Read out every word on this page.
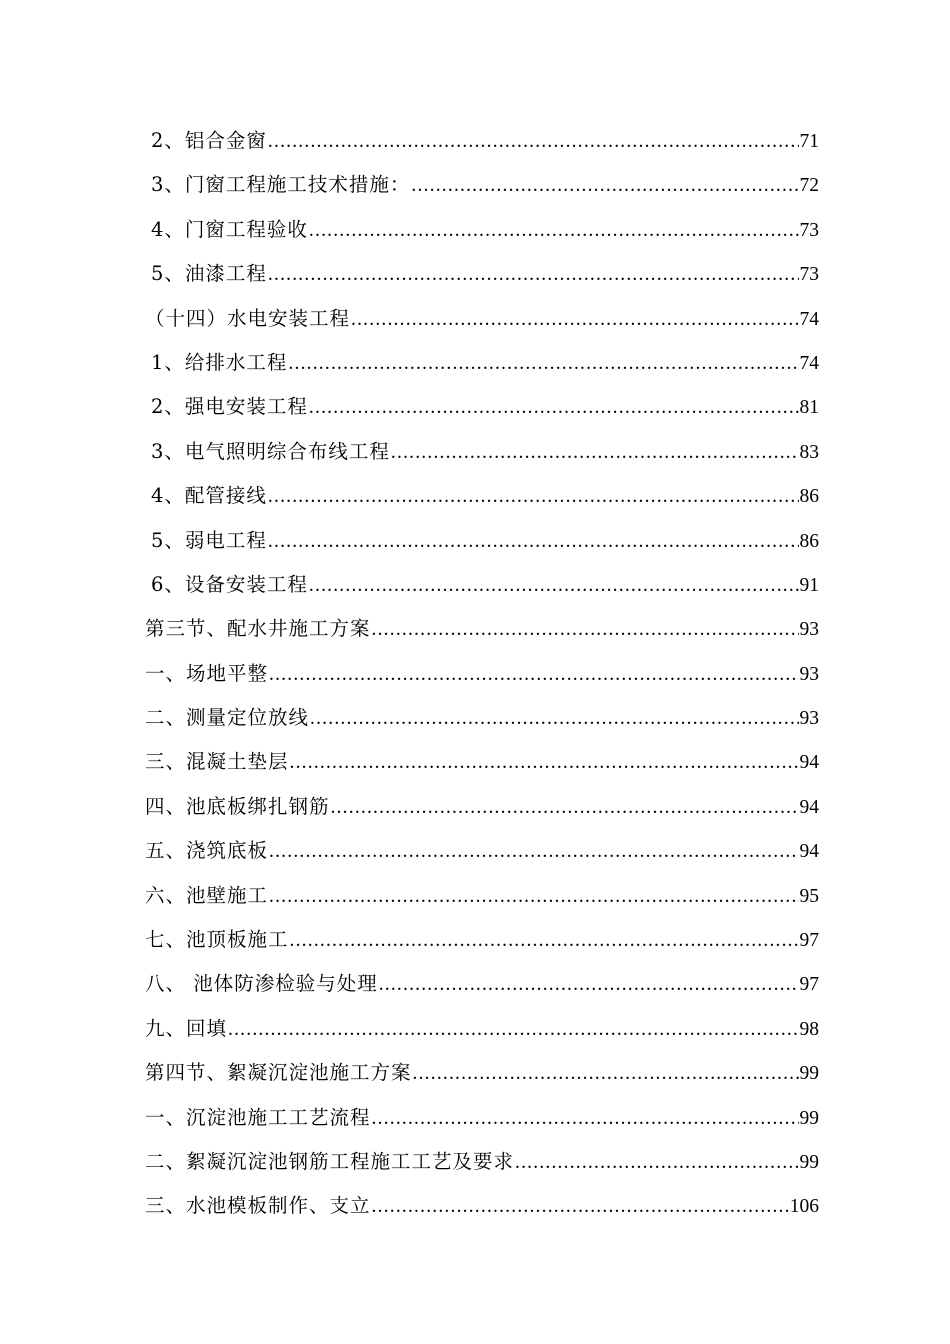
2、铝合金窗 .....	71
3、门窗工程施工技术措施： .....	72
4、门窗工程验收 .....	73
5、油漆工程 .....	73
（十四）水电安装工程 .....	74
1、给排水工程 .....	74
2、强电安装工程 .....	81
3、电气照明综合布线工程 .....	83
4、配管接线 .....	86
5、弱电工程 .....	86
6、设备安装工程 .....	91
第三节、配水井施工方案 .....	93
一、场地平整 .....	93
二、测量定位放线 .....	93
三、混凝土垫层 .....	94
四、池底板绑扎钢筋 .....	94
五、浇筑底板 .....	94
六、池壁施工 .....	95
七、池顶板施工 .....	97
八、 池体防渗检验与处理 .....	97
九、回填 .....	98
第四节、絮凝沉淀池施工方案 .....	99
一、沉淀池施工工艺流程 .....	99
二、絮凝沉淀池钢筋工程施工工艺及要求 .....	99
三、水池模板制作、支立 .....	106
